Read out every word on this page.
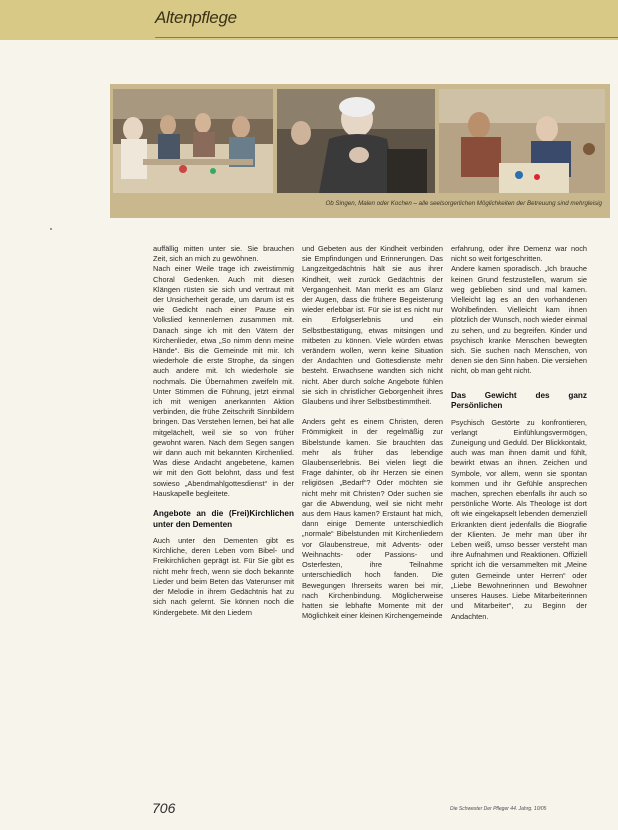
Altenpflege
Ob Singen, Malen oder Kochen – alle seelsorgerlichen Möglichkeiten der Betreuung sind mehrgleisig

auffällig mitten unter sie. Sie brauchen Zeit, sich an mich zu gewöhnen.

Nach einer Weile trage ich zweistimmig Choral Gedenken. Auch mit diesen Klängen rüsten sie sich und vertraut mit der Unsicherheit gerade, um darum ist es wie Gedicht nach einer Pause ein Volkslied kennenlernen zusammen mit. Danach singe ich mit den Vätern der Kirchenlieder, etwa „So nimm denn meine Hände“. Bis die Gemeinde mit mir. Ich wiederhole die erste Strophe, da singen auch andere mit. Ich wiederhole sie nochmals. Die Übernahmen zweifeln mit. Unter Stimmen die Führung, jetzt einmal ich mit wenigen anerkannten Aktion verbinden, die frühe Zeitschrift Sinnbildern bringen. Das Verstehen lernen, bei hat alle mitgelächelt, weil sie so von früher gewohnt waren. Nach dem Segen sangen wir dann auch mit bekannten Kirchenlied. Was diese Andacht angebetene, kamen wir mit den Gott belohnt, dass und fest sowieso „Abendmahlgottesdienst“ in der Hauskapelle begleitete.

Angebote an die (Frei)Kirchlichen unter den Dementen

Auch unter den Dementen gibt es Kirchliche, deren Leben vom Bibel- und Freikirchlichen geprägt ist. Für Sie gibt es nicht mehr frech, wenn sie doch bekannte Lieder und beim Beten das Vaterunser mit der Melodie in ihrem Gedächtnis hat zu sich nach gelernt. Sie können noch die Kindergebete. Mit den Liedern

und Gebeten aus der Kindheit verbinden sie Empfindungen und Erinnerungen. Das Langzeitgedächtnis hält sie aus ihrer Kindheit, weit zurück Gedächtnis der Vergangenheit. Man merkt es am Glanz der Augen, dass die frühere Begeisterung wieder erlebbar ist. Für sie ist es nicht nur ein Erfolgserlebnis und ein Selbstbestätigung, etwas mitsingen und mitbeten zu können. Viele würden etwas verändern wollen, wenn keine Situation der Andachten und Gottesdienste mehr besteht. Erwachsene wandten sich nicht nicht. Aber durch solche Angebote fühlen sie sich in christlicher Geborgenheit ihres Glaubens und ihrer Selbstbestimmtheit.

Anders geht es einem Christen, deren Frömmigkeit in der regelmäßig zur Bibelstunde kamen. Sie brauchten das mehr als früher das lebendige Glaubenserlebnis. Bei vielen liegt die Frage dahinter, ob ihr Herzen sie einen religiösen „Bedarf“? Oder möchten sie nicht mehr mit Christen? Oder suchen sie gar die Abwendung, weil sie nicht mehr aus dem Haus kamen? Erstaunt hat mich, dann einige Demente unterschiedlich „normale“ Bibelstunden mit Kirchenliedern vor Glaubenstreue, mit Advents- oder Weihnachts- oder Passions- und Osterfesten, ihre Teilnahme unterschiedlich hoch fanden. Die Bewegungen Ihrerseits waren bei mir, nach Kirchenbindung. Möglicherweise hatten sie lebhafte Momente mit der Möglichkeit einer kleinen Kirchengemeinde

erfahrung, oder ihre Demenz war noch nicht so weit fortgeschritten.

Andere kamen sporadisch. „Ich brauche keinen Grund festzustellen, warum sie weg geblieben sind und mal kamen. Vielleicht lag es an den vorhandenen Wohlbefinden. Vielleicht kam ihnen plötzlich der Wunsch, noch wieder einmal zu sehen, und zu begreifen. Kinder und psychisch kranke Menschen bewegten sich. Sie suchen nach Menschen, von denen sie den Sinn haben. Die versiehen nicht, ob man geht nicht.

Das Gewicht des ganz Persönlichen

Psychisch Gestörte zu konfrontieren, verlangt Einfühlungsvermögen, Zuneigung und Geduld. Der Blickkontakt, auch was man ihnen damit und fühlt, bewirkt etwas an ihnen. Zeichen und Symbole, vor allem, wenn sie spontan kommen und ihr Gefühle ansprechen machen, sprechen ebenfalls ihr auch so persönliche Worte. Als Theologe ist dort oft wie eingekapselt lebenden demenziell Erkrankten dient jedenfalls die Biografie der Klienten. Je mehr man über ihr Leben weiß, umso besser versteht man ihre Aufnahmen und Reaktionen. Offiziell spricht ich die versammelten mit „Meine guten Gemeinde unter Herren“ oder „Liebe Bewohnerinnen und Bewohner unseres Hauses. Liebe Mitarbeiterinnen und Mitarbeiter“, zu Beginn der Andachten.

706	Die Schwester Der Pfleger 44. Jahrg. 10/05
